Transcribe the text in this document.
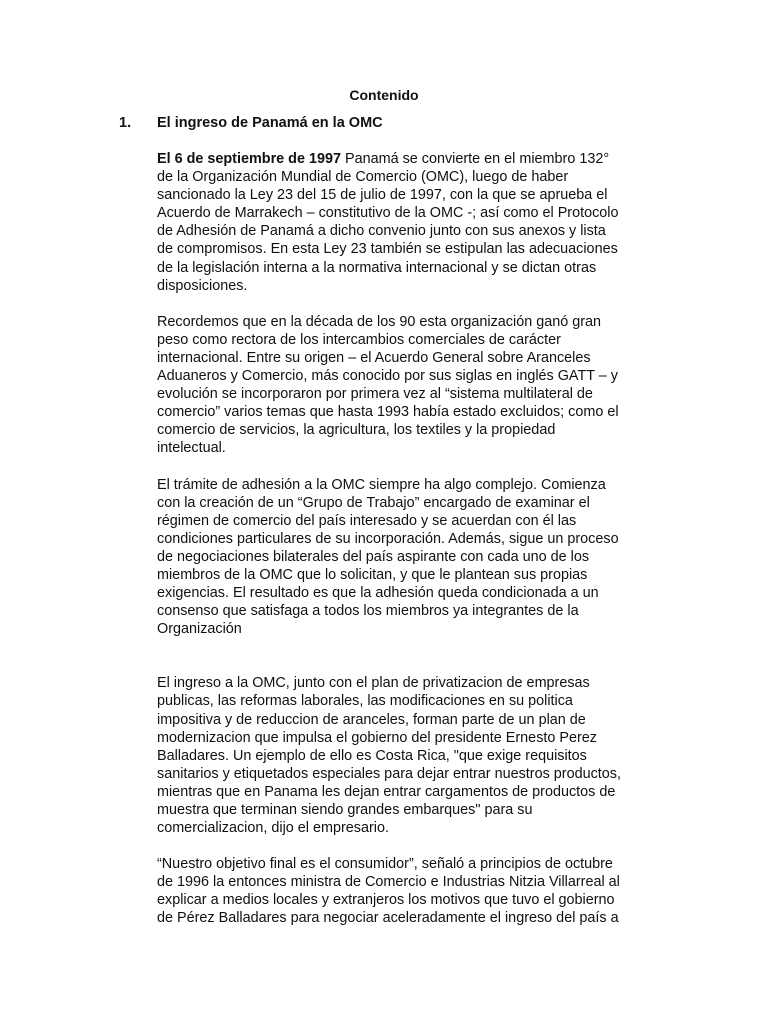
Contenido
1. El ingreso de Panamá en la OMC

El 6 de septiembre de 1997 Panamá se convierte en el miembro 132°
de la Organización Mundial de Comercio (OMC), luego de haber
sancionado la Ley 23 del 15 de julio de 1997, con la que se aprueba el
Acuerdo de Marrakech – constitutivo de la OMC -; así como el Protocolo
de Adhesión de Panamá a dicho convenio junto con sus anexos y lista
de compromisos. En esta Ley 23 también se estipulan las adecuaciones
de la legislación interna a la normativa internacional y se dictan otras
disposiciones.

Recordemos que en la década de los 90 esta organización ganó gran
peso como rectora de los intercambios comerciales de carácter
internacional. Entre su origen – el Acuerdo General sobre Aranceles
Aduaneros y Comercio, más conocido por sus siglas en inglés GATT – y
evolución se incorporaron por primera vez al “sistema multilateral de
comercio” varios temas que hasta 1993 había estado excluidos; como el
comercio de servicios, la agricultura, los textiles y la propiedad
intelectual.

El trámite de adhesión a la OMC siempre ha algo complejo. Comienza
con la creación de un “Grupo de Trabajo” encargado de examinar el
régimen de comercio del país interesado y se acuerdan con él las
condiciones particulares de su incorporación. Además, sigue un proceso
de negociaciones bilaterales del país aspirante con cada uno de los
miembros de la OMC que lo solicitan, y que le plantean sus propias
exigencias. El resultado es que la adhesión queda condicionada a un
consenso que satisfaga a todos los miembros ya integrantes de la
Organización

El ingreso a la OMC, junto con el plan de privatizacion de empresas
publicas, las reformas laborales, las modificaciones en su politica
impositiva y de reduccion de aranceles, forman parte de un plan de
modernizacion que impulsa el gobierno del presidente Ernesto Perez
Balladares. Un ejemplo de ello es Costa Rica, "que exige requisitos
sanitarios y etiquetados especiales para dejar entrar nuestros productos,
mientras que en Panama les dejan entrar cargamentos de productos de
muestra que terminan siendo grandes embarques" para su
comercializacion, dijo el empresario.

“Nuestro objetivo final es el consumidor”, señaló a principios de octubre
de 1996 la entonces ministra de Comercio e Industrias Nitzia Villarreal al
explicar a medios locales y extranjeros los motivos que tuvo el gobierno
de Pérez Balladares para negociar aceleradamente el ingreso del país a
